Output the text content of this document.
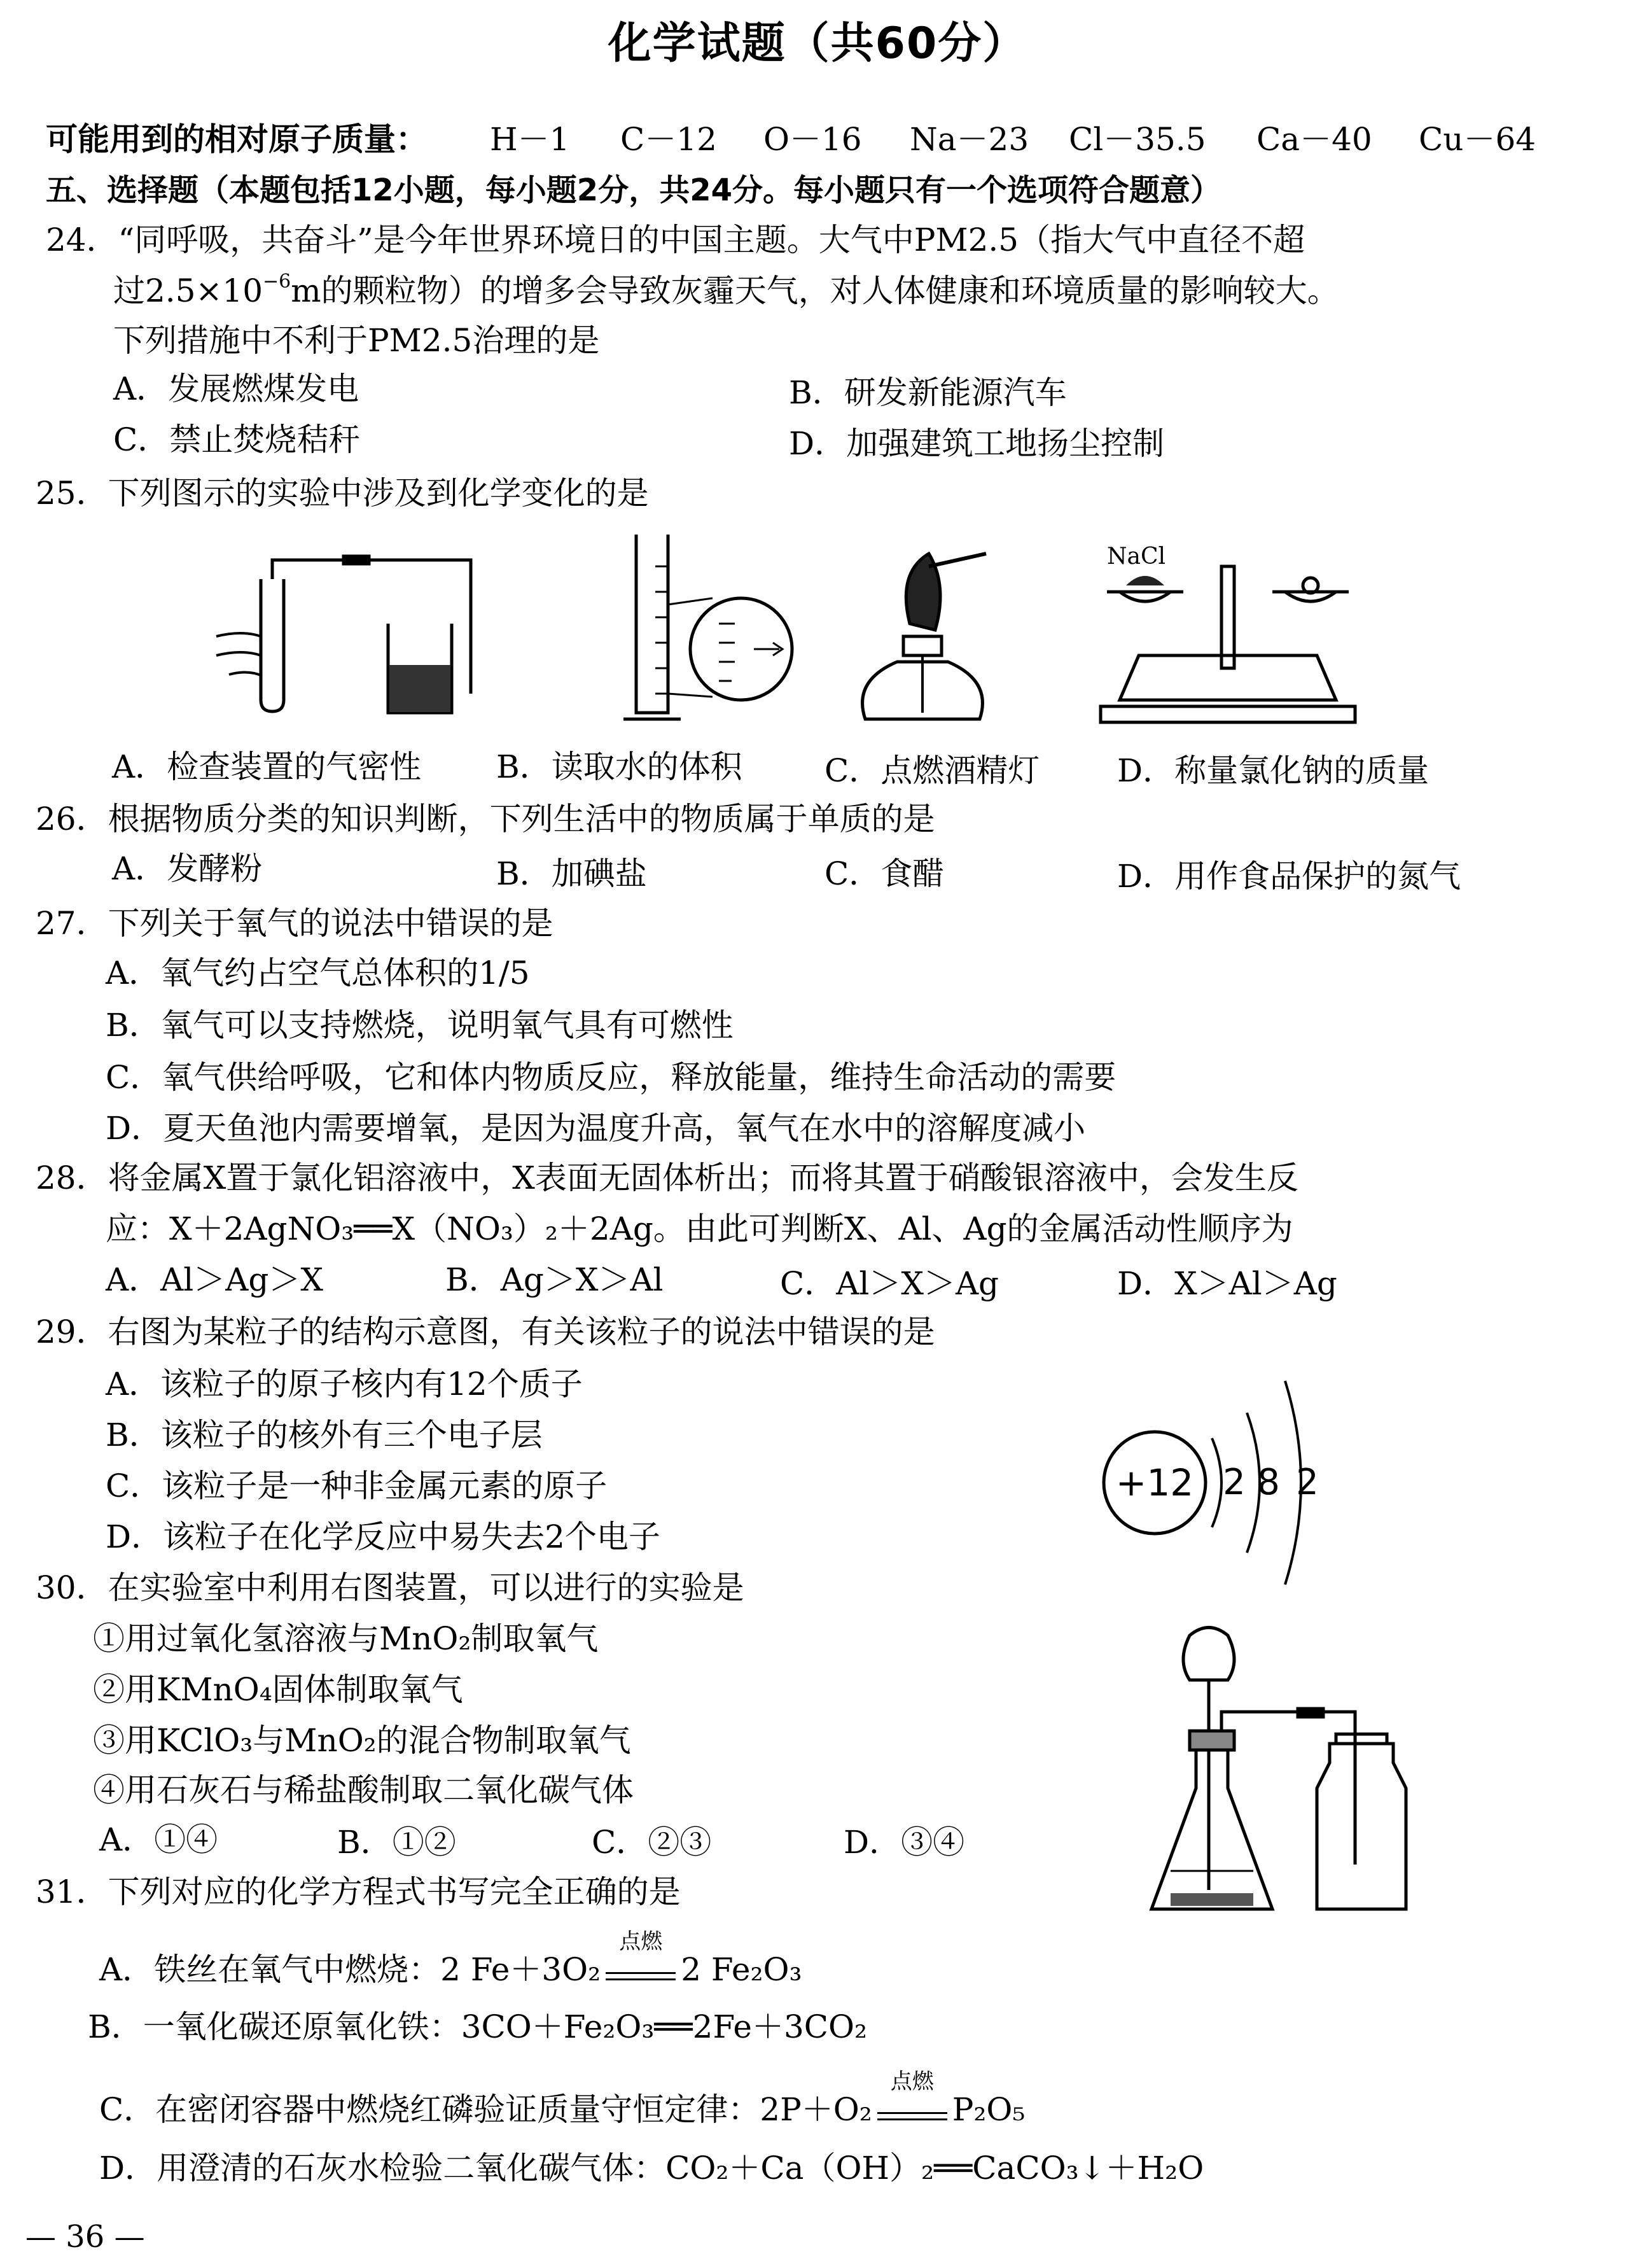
化学试题（共60分）
可能用到的相对原子质量： H－1 C－12 O－16 Na－23 Cl－35.5 Ca－40 Cu－64
五、选择题（本题包括12小题，每小题2分，共24分。每小题只有一个选项符合题意）
24．“同呼吸，共奋斗”是今年世界环境日的中国主题。大气中PM2.5（指大气中直径不超
过$2.5\times 10^{-6}m$的颗粒物）的增多会导致灰霾天气，对人体健康和环境质量的影响较大。
下列措施中不利于PM2.5治理的是
A．发展燃煤发电	B．研发新能源汽车
C．禁止焚烧秸秆	D．加强建筑工地扬尘控制
25．下列图示的实验中涉及到化学变化的是
NaCl
A．检查装置的气密性 B．读取水的体积	C．点燃酒精灯 D．称量氯化钠的质量
26．根据物质分类的知识判断，下列生活中的物质属于单质的是
A．发酵粉	B．加碘盐	C．食醋	D．用作食品保护的氮气
27．下列关于氧气的说法中错误的是
A．氧气约占空气总体积的1/5
B．氧气可以支持燃烧，说明氧气具有可燃性
C．氧气供给呼吸，它和体内物质反应，释放能量，维持生命活动的需要
D．夏天鱼池内需要增氧，是因为温度升高，氧气在水中的溶解度减小
28．将金属X置于氯化铝溶液中，X表面无固体析出；而将其置于硝酸银溶液中，会发生反
应：X＋2AgNO₃══X（NO₃）₂＋2Ag。由此可判断X、Al、Ag的金属活动性顺序为
A．Al＞Ag＞X	B．Ag＞X＞Al	C．Al＞X＞Ag	D．X＞Al＞Ag
29．右图为某粒子的结构示意图，有关该粒子的说法中错误的是
A．该粒子的原子核内有12个质子
B．该粒子的核外有三个电子层
C．该粒子是一种非金属元素的原子
D．该粒子在化学反应中易失去2个电子
+12 2 8 2
30．在实验室中利用右图装置，可以进行的实验是
①用过氧化氢溶液与MnO₂制取氧气
②用KMnO₄固体制取氧气
③用KClO₃与MnO₂的混合物制取氧气
④用石灰石与稀盐酸制取二氧化碳气体
A．①④	B．①②	C．②③	D．③④
31．下列对应的化学方程式书写完全正确的是
A．铁丝在氧气中燃烧：2 Fe＋3O₂
点燃
2 Fe₂O₃
B．一氧化碳还原氧化铁：3CO＋Fe₂O₃══2Fe＋3CO₂
C．在密闭容器中燃烧红磷验证质量守恒定律：2P＋O₂
点燃
P₂O₅
D．用澄清的石灰水检验二氧化碳气体：CO₂＋Ca（OH）₂══CaCO₃↓＋H₂O
— 36 —
